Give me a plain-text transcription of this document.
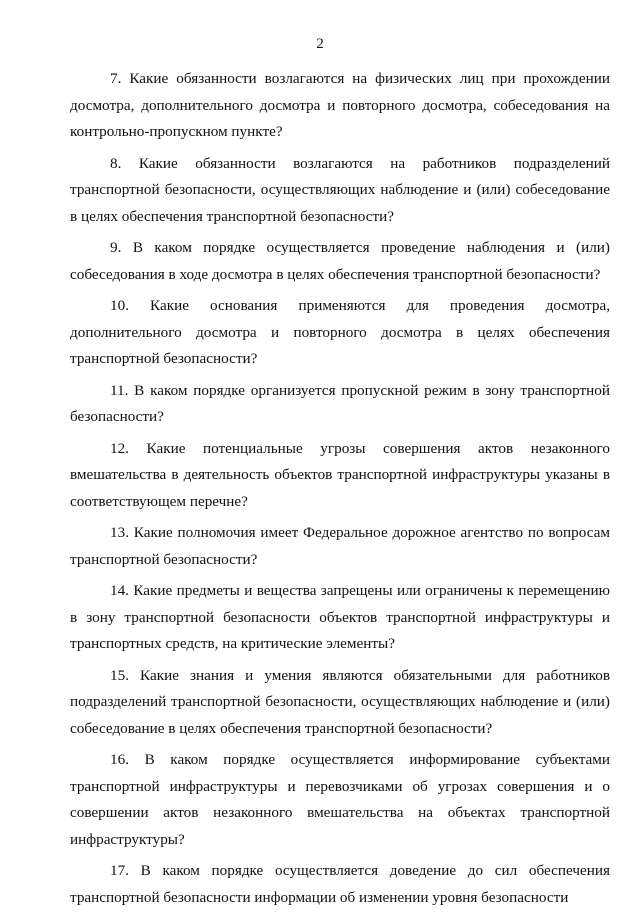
2

7. Какие обязанности возлагаются на физических лиц при прохождении досмотра, дополнительного досмотра и повторного досмотра, собеседования на контрольно-пропускном пункте?

8. Какие обязанности возлагаются на работников подразделений транспортной безопасности, осуществляющих наблюдение и (или) собеседование в целях обеспечения транспортной безопасности?

9. В каком порядке осуществляется проведение наблюдения и (или) собеседования в ходе досмотра в целях обеспечения транспортной безопасности?

10. Какие основания применяются для проведения досмотра, дополнительного досмотра и повторного досмотра в целях обеспечения транспортной безопасности?

11. В каком порядке организуется пропускной режим в зону транспортной безопасности?

12. Какие потенциальные угрозы совершения актов незаконного вмешательства в деятельность объектов транспортной инфраструктуры указаны в соответствующем перечне?

13. Какие полномочия имеет Федеральное дорожное агентство по вопросам транспортной безопасности?

14. Какие предметы и вещества запрещены или ограничены к перемещению в зону транспортной безопасности объектов транспортной инфраструктуры и транспортных средств, на критические элементы?

15. Какие знания и умения являются обязательными для работников подразделений транспортной безопасности, осуществляющих наблюдение и (или) собеседование в целях обеспечения транспортной безопасности?

16. В каком порядке осуществляется информирование субъектами транспортной инфраструктуры и перевозчиками об угрозах совершения и о совершении актов незаконного вмешательства на объектах транспортной инфраструктуры?

17. В каком порядке осуществляется доведение до сил обеспечения транспортной безопасности информации об изменении уровня безопасности
